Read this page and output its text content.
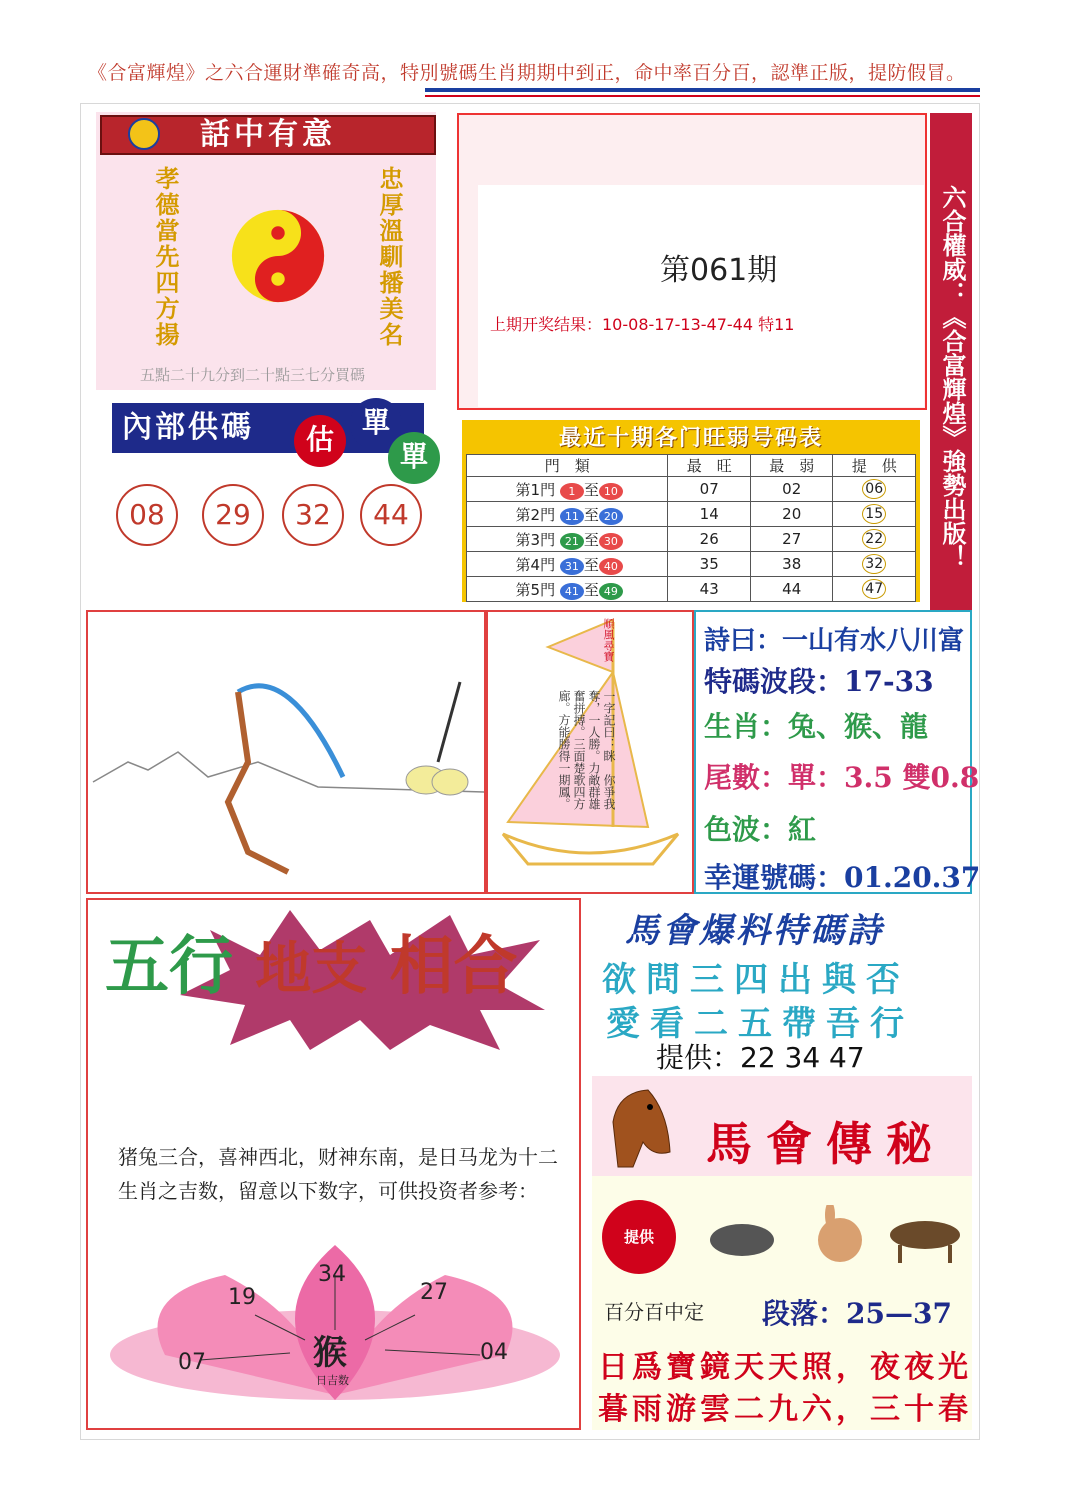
《合富輝煌》之六合運財準確奇高，特別號碼生肖期期中到正，命中率百分百，認準正版，提防假冒。
話中有意
孝德當先四方揚	忠厚溫馴播美名
五點二十九分到二十點三七分買碼
內部供碼	估
單
單
08	29	32	44
第061期
上期开奖结果：10-08-17-13-47-44 特11	六合權威：《合富輝煌》強勢出版！
最近十期各门旺弱号码表
門　類	最　旺	最　弱	提　供
第1門 1 至 10	07	02	06
第2門 11 至 20	14	20	15
第3門 21 至 30	26	27	22
第4門 31 至 40	35	38	32
第5門 41 至 49	43	44	47
順風尋寶
一字記曰：眯　你爭我奪，一人勝。力敵群雄奮拼搏。三面楚歌四方廊。方能勝得一期鳳。
詩曰：一山有水八川富
特碼波段：17-33
生肖：兔、猴、龍
尾數：單：3.5 雙0.8
色波：紅
幸運號碼：01.20.37
五行 地支 相合
猪兔三合，喜神西北，财神东南，是日马龙为十二生肖之吉数，留意以下数字，可供投资者参考：
34
19	27
07	04
猴
日吉数
馬會爆料特碼詩
欲問三四出與否
愛看二五帶吾行
提供：22 34 47
馬會傳秘
提供
百分百中定 段落：25—37
日爲寶鏡天天照，夜夜光
暮雨游雲二九六，三十春
